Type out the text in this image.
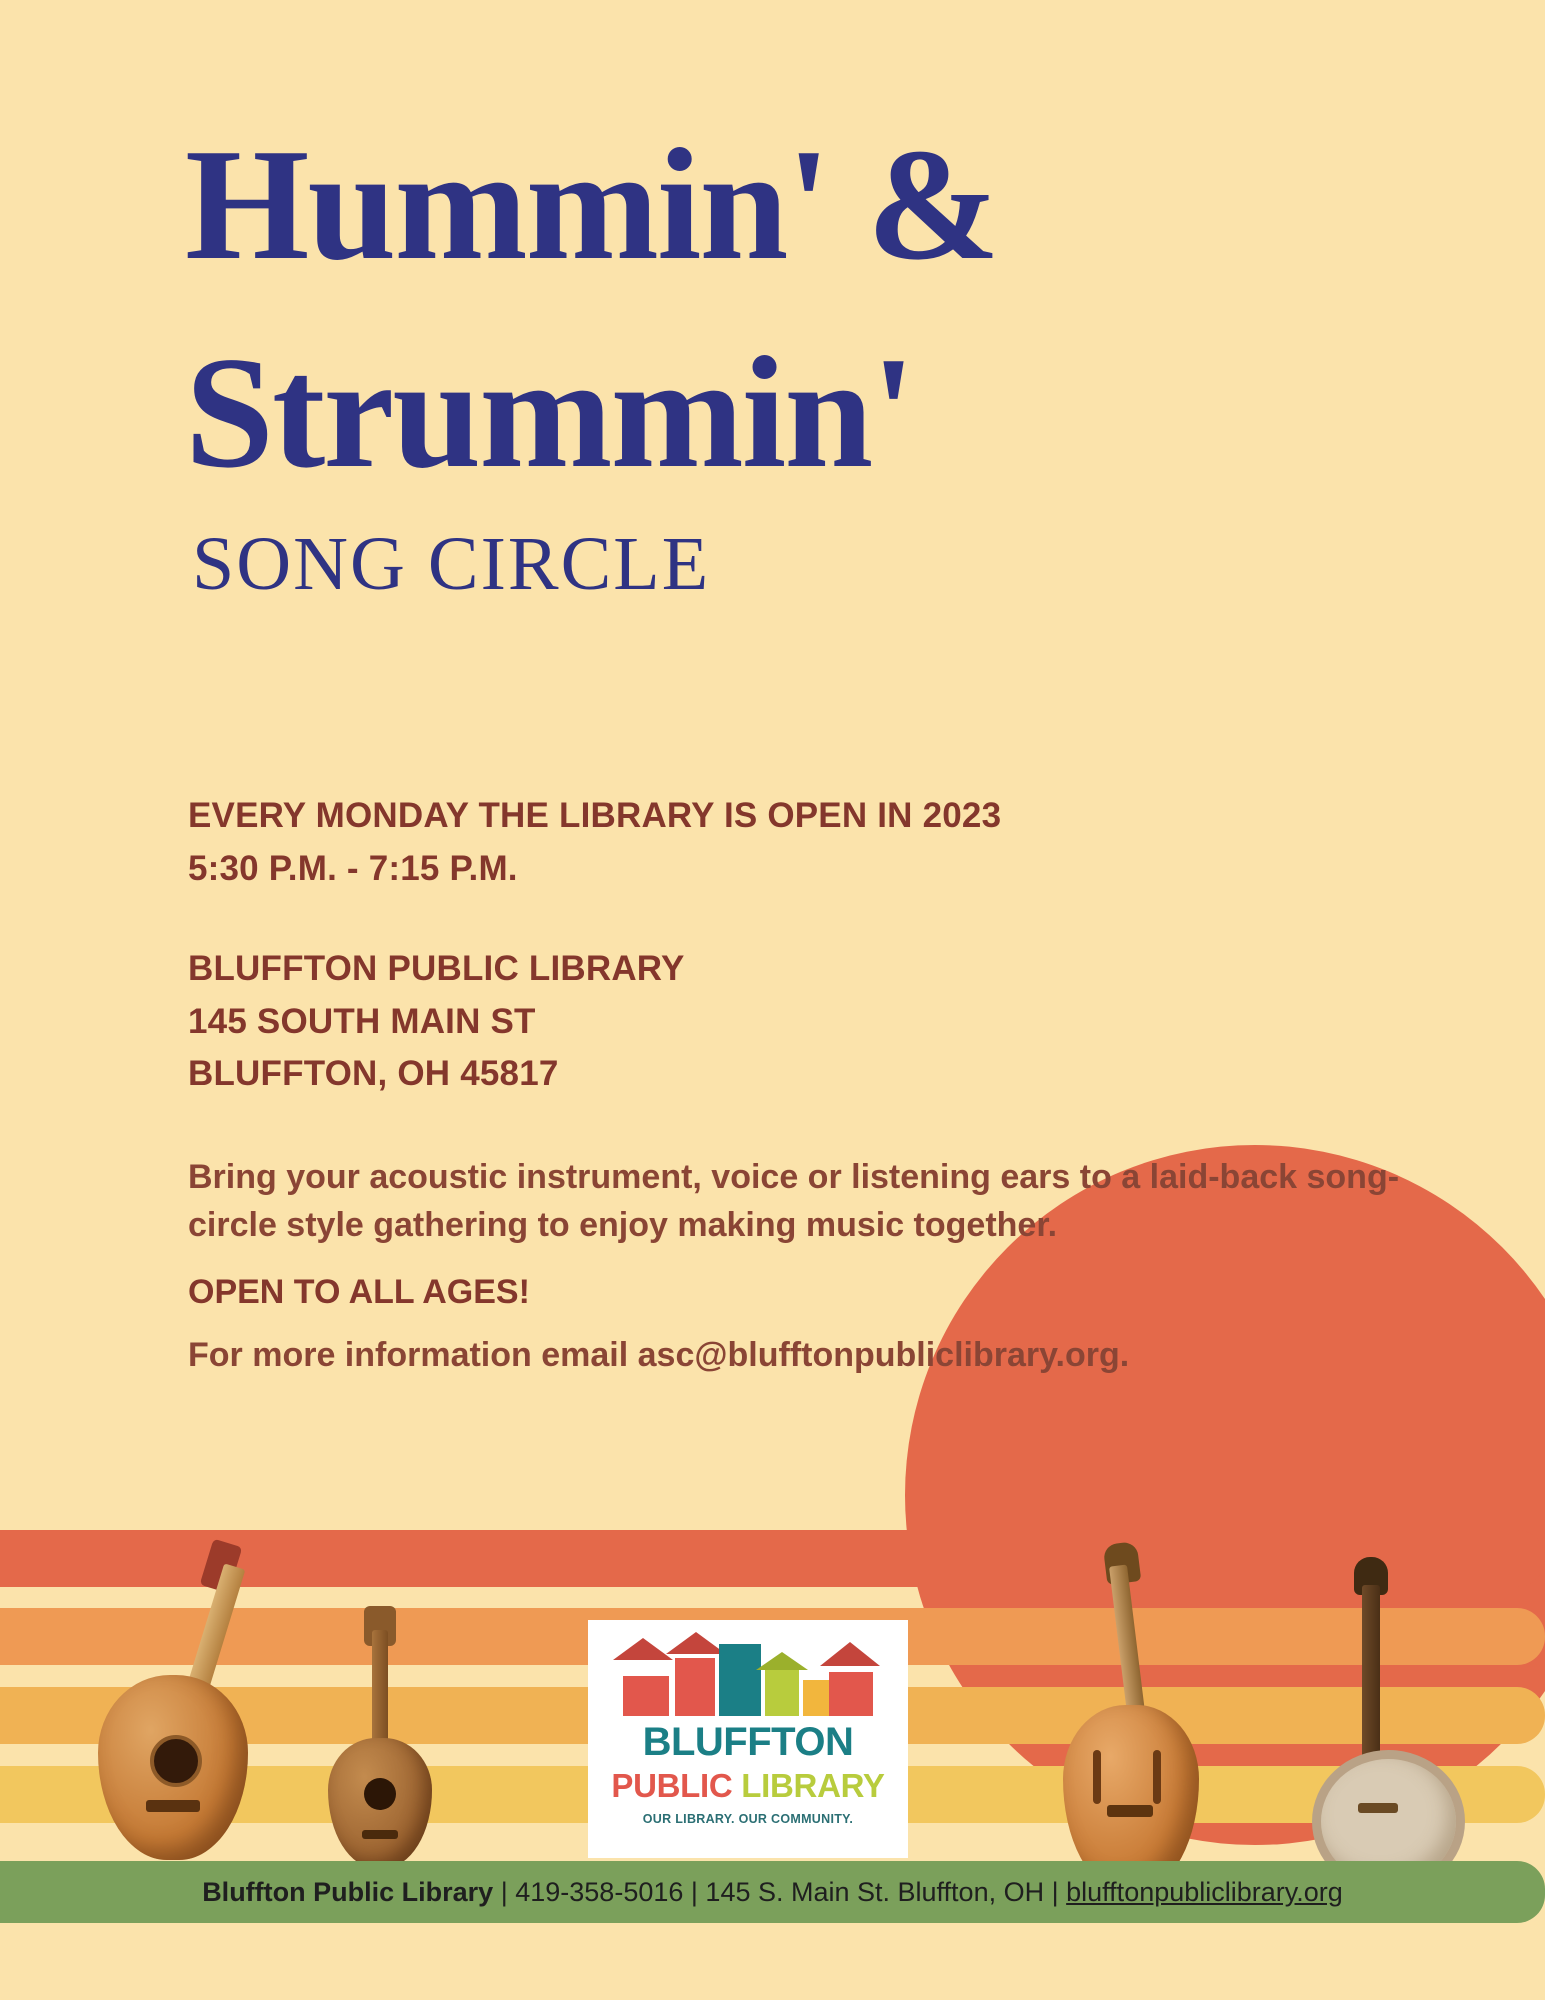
Hummin' &
Strummin'
SONG CIRCLE

EVERY MONDAY THE LIBRARY IS OPEN IN 2023
5:30 P.M. - 7:15 P.M.

BLUFFTON PUBLIC LIBRARY
145 SOUTH MAIN ST
BLUFFTON, OH 45817

Bring your acoustic instrument, voice or listening ears to a laid-back song-circle style gathering to enjoy making music together.

OPEN TO ALL AGES!

For more information email asc@blufftonpubliclibrary.org.

BLUFFTON
PUBLIC LIBRARY
OUR LIBRARY. OUR COMMUNITY.
Bluffton Public Library | 419-358-5016 | 145 S. Main St. Bluffton, OH | blufftonpubliclibrary.org
